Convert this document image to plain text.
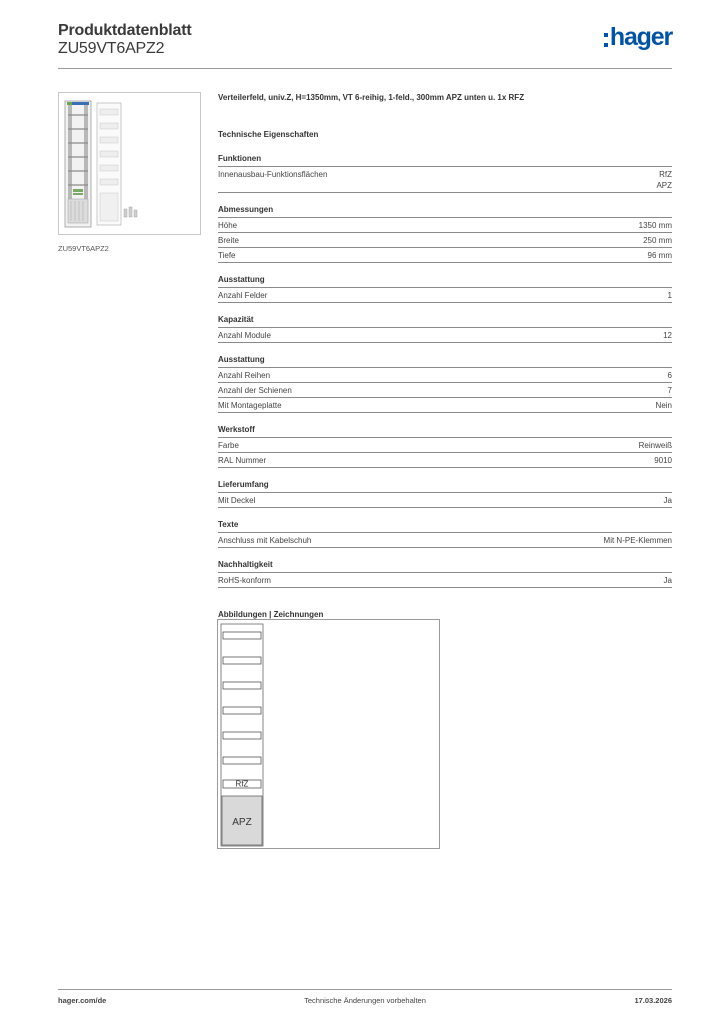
Produktdatenblatt
ZU59VT6APZ2	hager
ZU59VT6APZ2
Verteilerfeld, univ.Z, H=1350mm, VT 6-reihig, 1-feld., 300mm APZ unten u. 1x RFZ
Technische Eigenschaften
Funktionen
Innenausbau-Funktionsflächen	RfZ
APZ
Abmessungen
Höhe	1350 mm
Breite	250 mm
Tiefe	96 mm
Ausstattung
Anzahl Felder	1
Kapazität
Anzahl Module	12
Ausstattung
Anzahl Reihen	6
Anzahl der Schienen	7
Mit Montageplatte	Nein
Werkstoff
Farbe	Reinweiß
RAL Nummer	9010
Lieferumfang
Mit Deckel	Ja
Texte
Anschluss mit Kabelschuh	Mit N-PE-Klemmen
Nachhaltigkeit
RoHS-konform	Ja
Abbildungen | Zeichnungen
RfZ
APZ
hager.com/de	Technische Änderungen vorbehalten	17.03.2026
